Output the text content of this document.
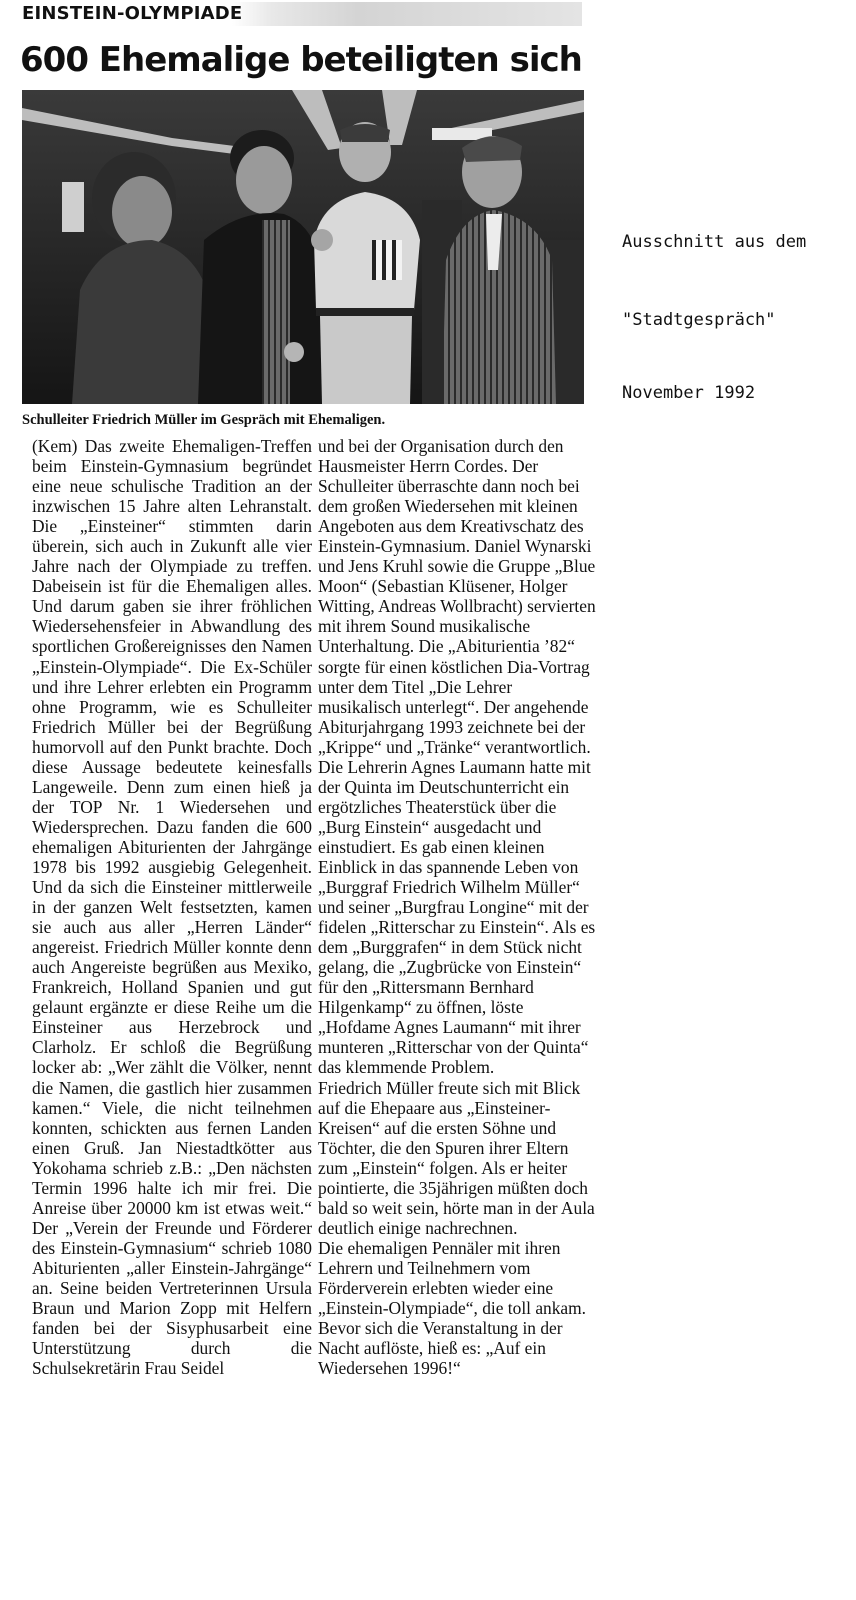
EINSTEIN-OLYMPIADE
600 Ehemalige beteiligten sich
Schulleiter Friedrich Müller im Gespräch mit Ehemaligen.

(Kem) Das zweite Ehemaligen-Treffen beim Einstein-Gymnasium begründet eine neue schulische Tradition an der inzwischen 15 Jahre alten Lehranstalt. Die „Einsteiner“ stimmten darin überein, sich auch in Zukunft alle vier Jahre nach der Olympiade zu treffen. Dabeisein ist für die Ehemaligen alles. Und darum gaben sie ihrer fröhlichen Wiedersehensfeier in Abwandlung des sportlichen Großereignisses den Namen „Einstein-Olympiade“. Die Ex-Schüler und ihre Lehrer erlebten ein Programm ohne Programm, wie es Schulleiter Friedrich Müller bei der Begrüßung humorvoll auf den Punkt brachte. Doch diese Aussage bedeutete keinesfalls Langeweile. Denn zum einen hieß ja der TOP Nr. 1 Wiedersehen und Wiedersprechen. Dazu fanden die 600 ehemaligen Abiturienten der Jahrgänge 1978 bis 1992 ausgiebig Gelegenheit. Und da sich die Einsteiner mittlerweile in der ganzen Welt festsetzten, kamen sie auch aus aller „Herren Länder“ angereist. Friedrich Müller konnte denn auch Angereiste begrüßen aus Mexiko, Frankreich, Holland Spanien und gut gelaunt ergänzte er diese Reihe um die Einsteiner aus Herzebrock und Clarholz. Er schloß die Begrüßung locker ab: „Wer zählt die Völker, nennt die Namen, die gastlich hier zusammen kamen.“ Viele, die nicht teilnehmen konnten, schickten aus fernen Landen einen Gruß. Jan Niestadtkötter aus Yokohama schrieb z.B.: „Den nächsten Termin 1996 halte ich mir frei. Die Anreise über 20000 km ist etwas weit.“ Der „Verein der Freunde und Förderer des Einstein-Gymnasium“ schrieb 1080 Abiturienten „aller Einstein-Jahrgänge“ an. Seine beiden Vertreterinnen Ursula Braun und Marion Zopp mit Helfern fanden bei der Sisyphusarbeit eine Unterstützung durch die Schulsekretärin Frau Seidel

und bei der Organisation durch den Hausmeister Herrn Cordes. Der Schulleiter überraschte dann noch bei dem großen Wiedersehen mit kleinen Angeboten aus dem Kreativschatz des Einstein-Gymnasium. Daniel Wynarski und Jens Kruhl sowie die Gruppe „Blue Moon“ (Sebastian Klüsener, Holger Witting, Andreas Wollbracht) servierten mit ihrem Sound musikalische Unterhaltung. Die „Abiturientia ’82“ sorgte für einen köstlichen Dia-Vortrag unter dem Titel „Die Lehrer musikalisch unterlegt“. Der angehende Abiturjahrgang 1993 zeichnete bei der „Krippe“ und „Tränke“ verantwortlich.

Die Lehrerin Agnes Laumann hatte mit der Quinta im Deutschunterricht ein ergötzliches Theaterstück über die „Burg Einstein“ ausgedacht und einstudiert. Es gab einen kleinen Einblick in das spannende Leben von „Burggraf Friedrich Wilhelm Müller“ und seiner „Burgfrau Longine“ mit der fidelen „Ritterschar zu Einstein“. Als es dem „Burggrafen“ in dem Stück nicht gelang, die „Zugbrücke von Einstein“ für den „Rittersmann Bernhard Hilgenkamp“ zu öffnen, löste „Hofdame Agnes Laumann“ mit ihrer munteren „Ritterschar von der Quinta“ das klemmende Problem.

Friedrich Müller freute sich mit Blick auf die Ehepaare aus „Einsteiner-Kreisen“ auf die ersten Söhne und Töchter, die den Spuren ihrer Eltern zum „Einstein“ folgen. Als er heiter pointierte, die 35jährigen müßten doch bald so weit sein, hörte man in der Aula deutlich einige nachrechnen.

Die ehemaligen Pennäler mit ihren Lehrern und Teilnehmern vom Förderverein erlebten wieder eine „Einstein-Olympiade“, die toll ankam. Bevor sich die Veranstaltung in der Nacht auflöste, hieß es: „Auf ein Wiedersehen 1996!“

Ausschnitt aus dem
"Stadtgespräch"
November 1992
